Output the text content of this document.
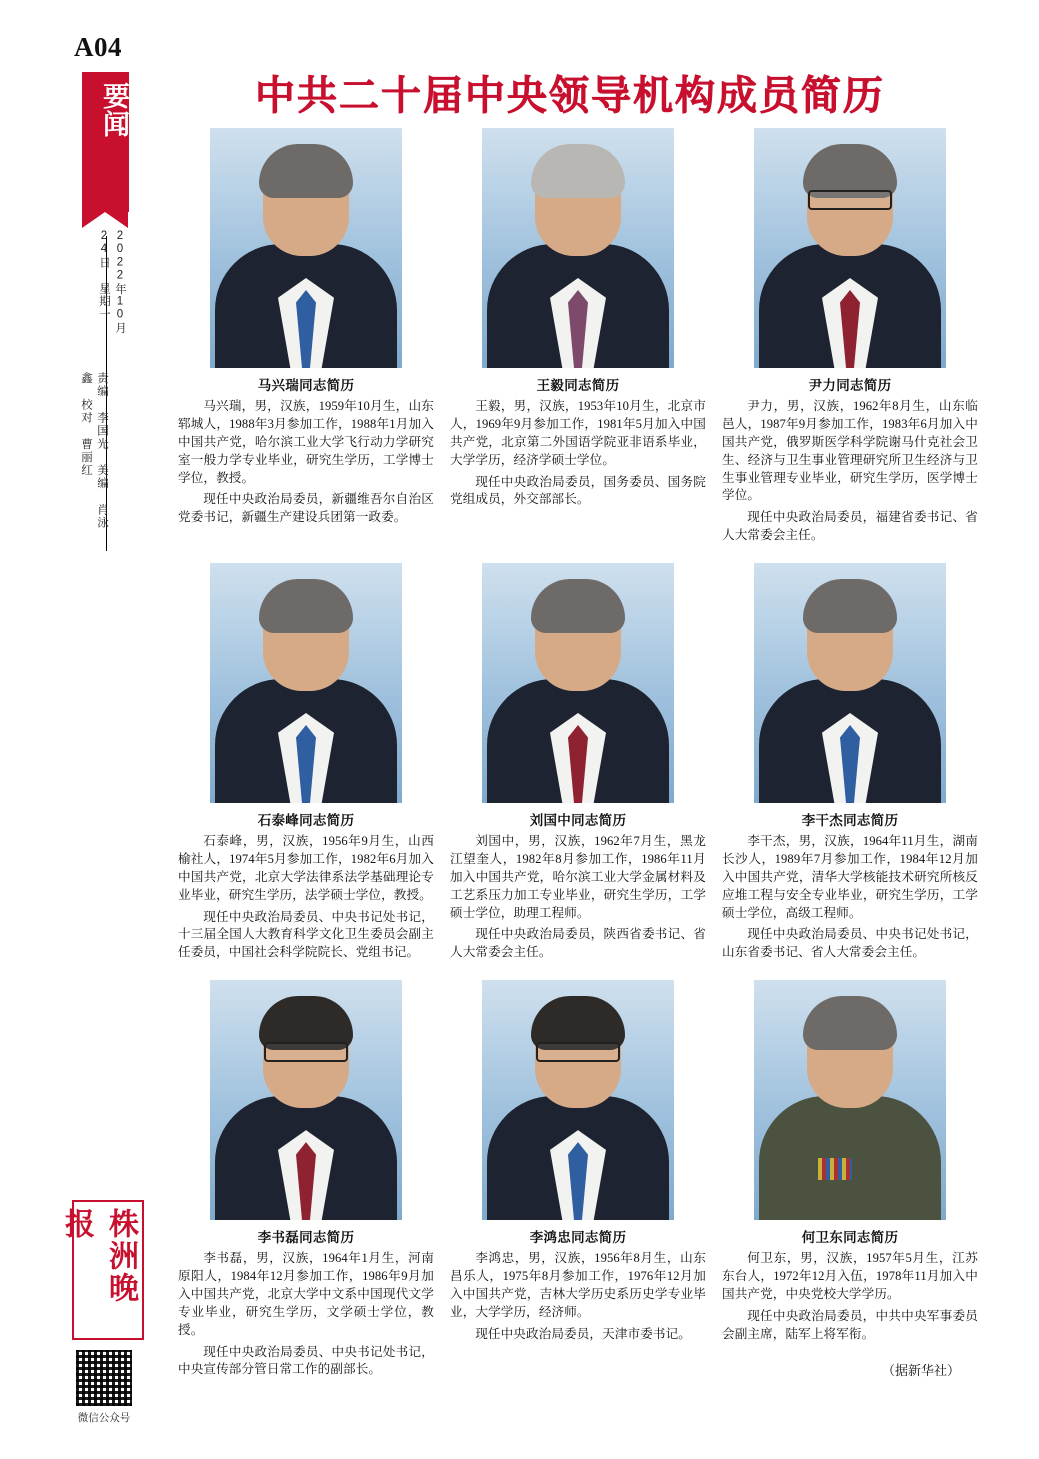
A04
要闻
2022年10月24日 星期一
责编 李国光 美编 肖泳鑫 校对 曹丽红
株洲晚报
微信公众号
中共二十届中央领导机构成员简历
马兴瑞同志简历
马兴瑞，男，汉族，1959年10月生，山东郓城人，1988年3月参加工作，1988年1月加入中国共产党，哈尔滨工业大学飞行动力学研究室一般力学专业毕业，研究生学历，工学博士学位，教授。
现任中央政治局委员，新疆维吾尔自治区党委书记，新疆生产建设兵团第一政委。
王毅同志简历
王毅，男，汉族，1953年10月生，北京市人，1969年9月参加工作，1981年5月加入中国共产党，北京第二外国语学院亚非语系毕业，大学学历，经济学硕士学位。
现任中央政治局委员，国务委员、国务院党组成员，外交部部长。
尹力同志简历
尹力，男，汉族，1962年8月生，山东临邑人，1987年9月参加工作，1983年6月加入中国共产党，俄罗斯医学科学院谢马什克社会卫生、经济与卫生事业管理研究所卫生经济与卫生事业管理专业毕业，研究生学历，医学博士学位。
现任中央政治局委员，福建省委书记、省人大常委会主任。
石泰峰同志简历
石泰峰，男，汉族，1956年9月生，山西榆社人，1974年5月参加工作，1982年6月加入中国共产党，北京大学法律系法学基础理论专业毕业，研究生学历，法学硕士学位，教授。
现任中央政治局委员、中央书记处书记，十三届全国人大教育科学文化卫生委员会副主任委员，中国社会科学院院长、党组书记。
刘国中同志简历
刘国中，男，汉族，1962年7月生，黑龙江望奎人，1982年8月参加工作，1986年11月加入中国共产党，哈尔滨工业大学金属材料及工艺系压力加工专业毕业，研究生学历，工学硕士学位，助理工程师。
现任中央政治局委员，陕西省委书记、省人大常委会主任。
李干杰同志简历
李干杰，男，汉族，1964年11月生，湖南长沙人，1989年7月参加工作，1984年12月加入中国共产党，清华大学核能技术研究所核反应堆工程与安全专业毕业，研究生学历，工学硕士学位，高级工程师。
现任中央政治局委员、中央书记处书记，山东省委书记、省人大常委会主任。
李书磊同志简历
李书磊，男，汉族，1964年1月生，河南原阳人，1984年12月参加工作，1986年9月加入中国共产党，北京大学中文系中国现代文学专业毕业，研究生学历，文学硕士学位，教授。
现任中央政治局委员、中央书记处书记，中央宣传部分管日常工作的副部长。
李鸿忠同志简历
李鸿忠，男，汉族，1956年8月生，山东昌乐人，1975年8月参加工作，1976年12月加入中国共产党，吉林大学历史系历史学专业毕业，大学学历，经济师。
现任中央政治局委员，天津市委书记。
何卫东同志简历
何卫东，男，汉族，1957年5月生，江苏东台人，1972年12月入伍，1978年11月加入中国共产党，中央党校大学学历。
现任中央政治局委员，中共中央军事委员会副主席，陆军上将军衔。
（据新华社）
